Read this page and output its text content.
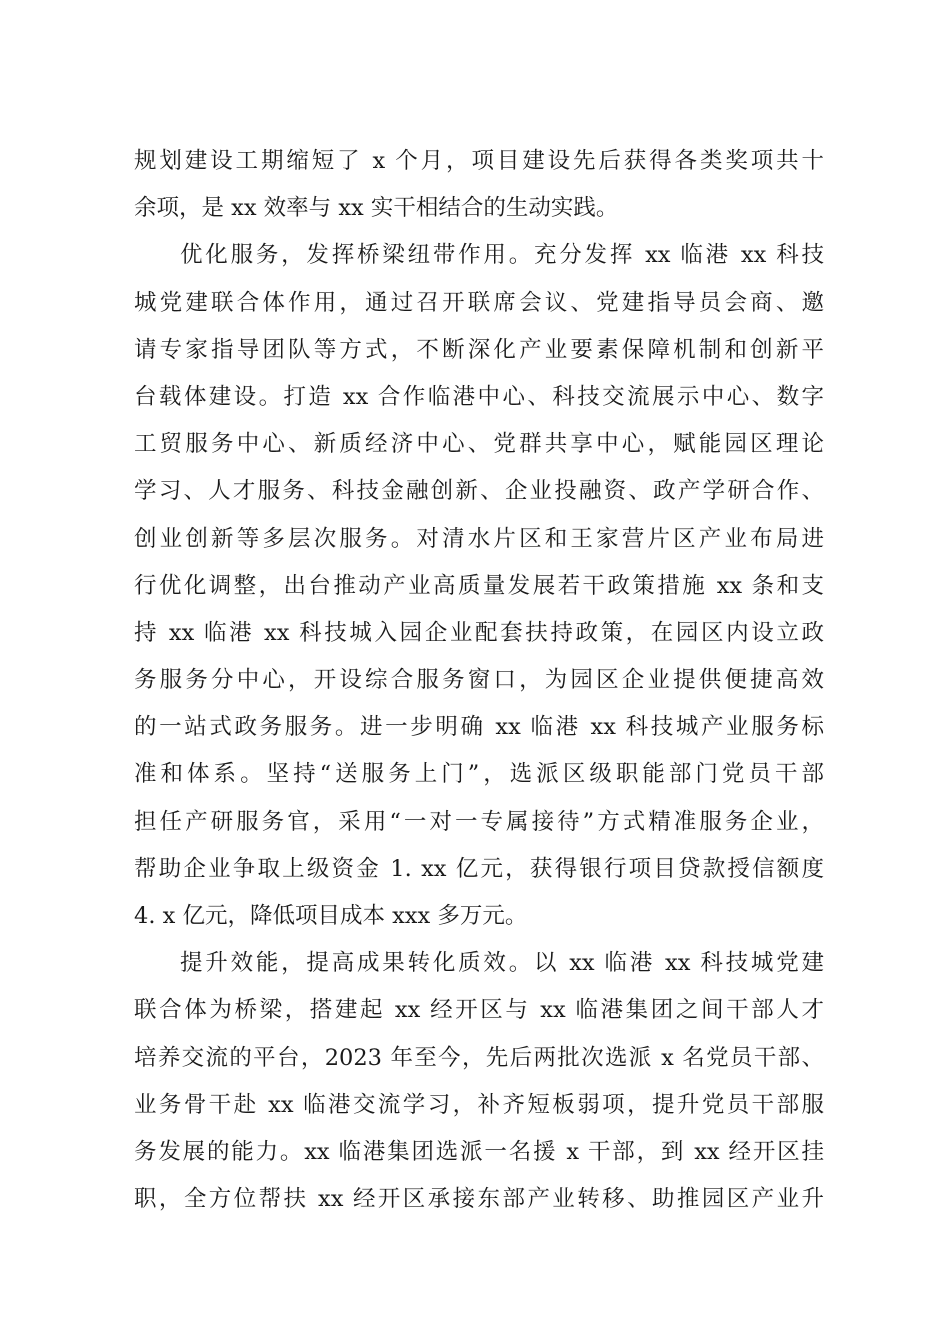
规划建设工期缩短了 x 个月，项目建设先后获得各类奖项共十
余项，是 xx 效率与 xx 实干相结合的生动实践。
优化服务，发挥桥梁纽带作用。充分发挥 xx 临港 xx 科技
城党建联合体作用，通过召开联席会议、党建指导员会商、邀
请专家指导团队等方式，不断深化产业要素保障机制和创新平
台载体建设。打造 xx 合作临港中心、科技交流展示中心、数字
工贸服务中心、新质经济中心、党群共享中心，赋能园区理论
学习、人才服务、科技金融创新、企业投融资、政产学研合作、
创业创新等多层次服务。对清水片区和王家营片区产业布局进
行优化调整，出台推动产业高质量发展若干政策措施 xx 条和支
持 xx 临港 xx 科技城入园企业配套扶持政策，在园区内设立政
务服务分中心，开设综合服务窗口，为园区企业提供便捷高效
的一站式政务服务。进一步明确 xx 临港 xx 科技城产业服务标
准和体系。坚持“送服务上门”，选派区级职能部门党员干部
担任产研服务官，采用“一对一专属接待”方式精准服务企业，
帮助企业争取上级资金 1. xx 亿元，获得银行项目贷款授信额度
4. x 亿元，降低项目成本 xxx 多万元。
提升效能，提高成果转化质效。以 xx 临港 xx 科技城党建
联合体为桥梁，搭建起 xx 经开区与 xx 临港集团之间干部人才
培养交流的平台，2023 年至今，先后两批次选派 x 名党员干部、
业务骨干赴 xx 临港交流学习，补齐短板弱项，提升党员干部服
务发展的能力。xx 临港集团选派一名援 x 干部，到 xx 经开区挂
职，全方位帮扶 xx 经开区承接东部产业转移、助推园区产业升
